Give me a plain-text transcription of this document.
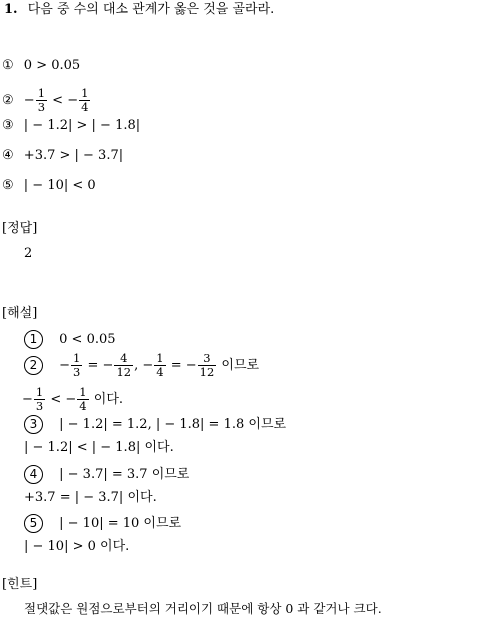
1. 다음 중 수의 대소 관계가 옳은 것을 골라라.
① 0 > 0.05
② − $\frac{1}{3}$ < − $\frac{1}{4}$
③ | − 1.2| > | − 1.8|
④ +3.7 > | − 3.7|
⑤ | − 10| < 0
[정답]
2
[해설]
1 0 < 0.05
$2 - \frac{1}{3}$ = − $\frac{4}{12}$ , − $\frac{1}{4}$ = − $\frac{3}{12}$ 이므로
− $\frac{1}{3}$ < − $\frac{1}{4}$ 이다.
3 | − 1.2| = 1.2, | − 1.8| = 1.8 이므로
| − 1.2| < | − 1.8| 이다.
4 | − 3.7| = 3.7 이므로
+3.7 = | − 3.7| 이다.
5 | − 10| = 10 이므로
| − 10| > 0 이다.
[힌트]
절댓값은 원점으로부터의 거리이기 때문에 항상 0 과 같거나 크다.
